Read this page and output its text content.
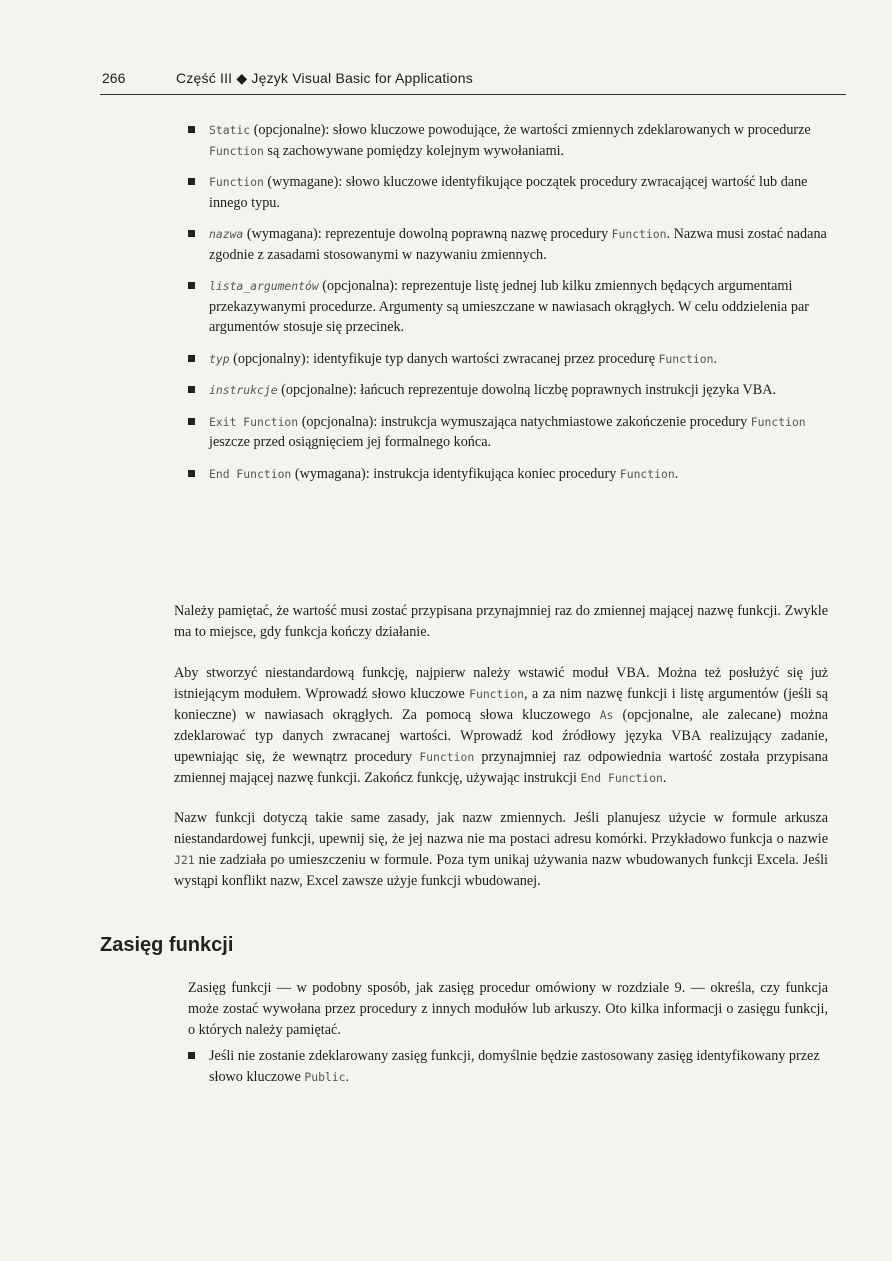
266	Część III ◆ Język Visual Basic for Applications
Static (opcjonalne): słowo kluczowe powodujące, że wartości zmiennych zdeklarowanych w procedurze Function są zachowywane pomiędzy kolejnym wywołaniami.
Function (wymagane): słowo kluczowe identyfikujące początek procedury zwracającej wartość lub dane innego typu.
nazwa (wymagana): reprezentuje dowolną poprawną nazwę procedury Function. Nazwa musi zostać nadana zgodnie z zasadami stosowanymi w nazywaniu zmiennych.
lista_argumentów (opcjonalna): reprezentuje listę jednej lub kilku zmiennych będących argumentami przekazywanymi procedurze. Argumenty są umieszczane w nawiasach okrągłych. W celu oddzielenia par argumentów stosuje się przecinek.
typ (opcjonalny): identyfikuje typ danych wartości zwracanej przez procedurę Function.
instrukcje (opcjonalne): łańcuch reprezentuje dowolną liczbę poprawnych instrukcji języka VBA.
Exit Function (opcjonalna): instrukcja wymuszająca natychmiastowe zakończenie procedury Function jeszcze przed osiągnięciem jej formalnego końca.
End Function (wymagana): instrukcja identyfikująca koniec procedury Function.

Należy pamiętać, że wartość musi zostać przypisana przynajmniej raz do zmiennej mającej nazwę funkcji. Zwykle ma to miejsce, gdy funkcja kończy działanie.

Aby stworzyć niestandardową funkcję, najpierw należy wstawić moduł VBA. Można też posłużyć się już istniejącym modułem. Wprowadź słowo kluczowe Function, a za nim nazwę funkcji i listę argumentów (jeśli są konieczne) w nawiasach okrągłych. Za pomocą słowa kluczowego As (opcjonalne, ale zalecane) można zdeklarować typ danych zwracanej wartości. Wprowadź kod źródłowy języka VBA realizujący zadanie, upewniając się, że wewnątrz procedury Function przynajmniej raz odpowiednia wartość została przypisana zmiennej mającej nazwę funkcji. Zakończ funkcję, używając instrukcji End Function.

Nazw funkcji dotyczą takie same zasady, jak nazw zmiennych. Jeśli planujesz użycie w formule arkusza niestandardowej funkcji, upewnij się, że jej nazwa nie ma postaci adresu komórki. Przykładowo funkcja o nazwie J21 nie zadziała po umieszczeniu w formule. Poza tym unikaj używania nazw wbudowanych funkcji Excela. Jeśli wystąpi konflikt nazw, Excel zawsze użyje funkcji wbudowanej.

Zasięg funkcji

Zasięg funkcji — w podobny sposób, jak zasięg procedur omówiony w rozdziale 9. — określa, czy funkcja może zostać wywołana przez procedury z innych modułów lub arkuszy. Oto kilka informacji o zasięgu funkcji, o których należy pamiętać.

Jeśli nie zostanie zdeklarowany zasięg funkcji, domyślnie będzie zastosowany zasięg identyfikowany przez słowo kluczowe Public.
